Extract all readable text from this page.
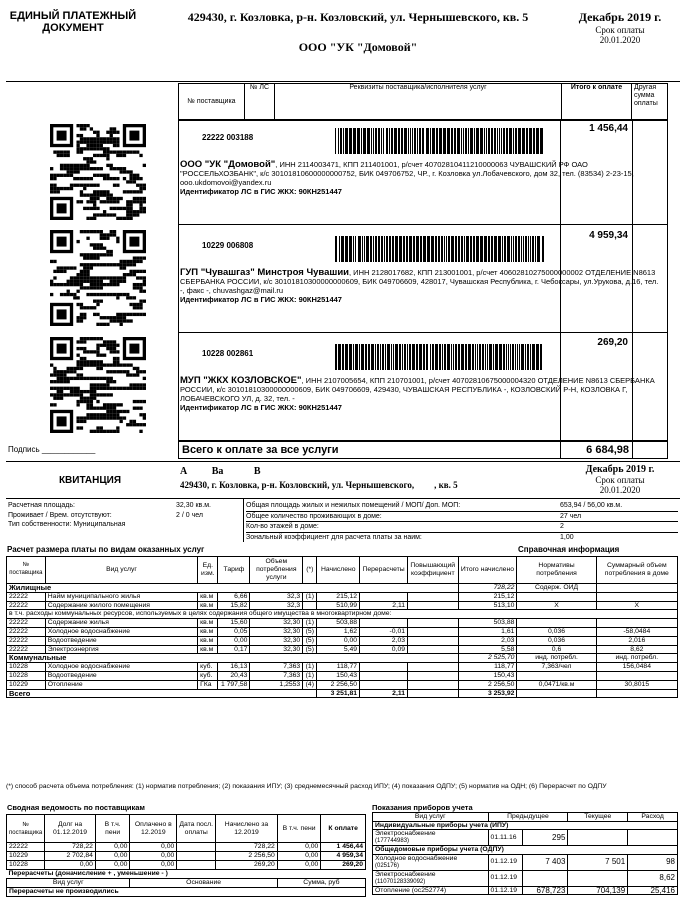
ЕДИНЫЙ ПЛАТЕЖНЫЙ ДОКУМЕНТ
429430, г. Козловка, р-н. Козловский, ул. Чернышевского, кв. 5
ООО "УК "Домовой"
Декабрь 2019 г.
Срок оплаты
20.01.2020
№ поставщика	№ ЛС	Реквизиты поставщика/исполнителя услуг	Итого к оплате	Другая сумма оплаты
22222 003188
1 456,44
ООО "УК "Домовой", ИНН 2114003471, КПП 211401001, р/счет 40702810411210000063 ЧУВАШСКИЙ РФ ОАО "РОССЕЛЬХОЗБАНК", к/с 30101810600000000752, БИК 049706752, ЧР., г. Козловка ул.Лобачевского, дом 32, тел. (83534) 2-23-15, ooo.ukdomovoi@yandex.ru
Идентификатор ЛС в ГИС ЖКХ: 90КН251447
10229 006808
4 959,34
ГУП "Чувашгаз" Минстроя Чувашии, ИНН 2128017682, КПП 213001001, р/счет 40602810275000000002 ОТДЕЛЕНИЕ N8613 СБЕРБАНКА РОССИИ, к/с 30101810300000000609, БИК 049706609, 428017, Чувашская Республика, г. Чебоксары, ул.Урукова, д.16, тел. -, факс -, chuvashgaz@mail.ru
Идентификатор ЛС в ГИС ЖКХ: 90КН251447
10228 002861
269,20
МУП "ЖКХ КОЗЛОВСКОЕ", ИНН 2107005654, КПП 210701001, р/счет 40702810675000004320 ОТДЕЛЕНИЕ N8613 СБЕРБАНКА РОССИИ, к/с 30101810300000000609, БИК 049706609, 429430, ЧУВАШСКАЯ РЕСПУБЛИКА -, КОЗЛОВСКИЙ Р-Н, КОЗЛОВКА Г, ЛОБАЧЕВСКОГО УЛ, д. 32, тел. -
Идентификатор ЛС в ГИС ЖКХ: 90КН251447
Подпись ____________	Всего к оплате за все услуги	6 684,98
КВИТАНЦИЯ
А Ва	В
429430, г. Козловка, р-н. Козловский, ул. Чернышевского, , кв. 5
Декабрь 2019 г.
Срок оплаты
20.01.2020
Расчетная площадь:	32,30 кв.м.
Проживает / Врем. отсутствуют:	2 / 0 чел
Тип собственности: Муниципальная
Общая площадь жилых и нежилых помещений / МОП/ Доп. МОП:	653,94 / 56,00 кв.м.
Общее количество проживающих в доме:	27 чел
Кол-во этажей в доме:	2
Зональный коэффициент для расчета платы за наим:	1,00
Расчет размера платы по видам оказанных услуг	Справочная информация
№ поставщика	Вид услуг	Ед. изм.	Тариф	Объем потребления услуги	(*)	Начислено	Перерасчеты	Повышающий коэффициент	Итого начислено	Нормативы потребления	Суммарный объем потребления в доме
Жилищные									728,22	Содерж. ОИД	
22222	Найм муниципального жилья	кв.м	6,66	32,3	(1)	215,12			215,12		
22222	Содержание жилого помещения	кв.м	15,82	32,3		510,99	2,11		513,10	X	X
в т.ч. расходы коммунальных ресурсов, используемых в целях содержания общего имущества в многоквартирном доме:											
22222	Содержание жилья	кв.м	15,60	32,30	(1)	503,88			503,88		
22222	Холодное водоснабжение	кв.м	0,05	32,30	(5)	1,62	-0,01		1,61	0,036	-58,0484
22222	Водоотведение	кв.м	0,00	32,30	(5)	0,00	2,03		2,03	0,036	2,016
22222	Электроэнергия	кв.м	0,17	32,30	(5)	5,49	0,09		5,58	0,6	8,62
Коммунальные									2 525,70	инд. потребл.	инд. потребл.
10228	Холодное водоснабжение	куб.	16,13	7,363	(1)	118,77			118,77	7,363/чел	156,0484
10228	Водоотведение	куб.	20,43	7,363	(1)	150,43			150,43		
10229	Отопление	ГКа	1 797,58	1,2553	(4)	2 256,50			2 256,50	0,0471/кв.м	30,8015
Всего						3 251,81	2,11		3 253,92		
(*) способ расчета объема потребления: (1) норматив потребления; (2) показания ИПУ; (3) среднемесячный расход ИПУ; (4) показания ОДПУ; (5) норматив на ОДН; (6) Перерасчет по ОДПУ
Сводная ведомость по поставщикам
№ поставщика	Долг на 01.12.2019	В т.ч. пени	Оплачено в 12.2019	Дата посл. оплаты	Начислено за 12.2019	В т.ч. пени	К оплате
22222	728,22	0,00	0,00		728,22	0,00	1 456,44
10229	2 702,84	0,00	0,00		2 256,50	0,00	4 959,34
10228	0,00	0,00	0,00		269,20	0,00	269,20
Перерасчеты (доначисление + , уменьшение - )							
Вид услуг			Основание			Сумма, руб	
Перерасчеты не производились							
Показания приборов учета
Вид услуг	Предыдущее		Текущее	Расход
Индивидуальные приборы учета (ИПУ)				
Электроснабжение
(177744983)	01.11.16	295		
Общедомовые приборы учета (ОДПУ)				
Холодное водоснабжение
(025176)	01.12.19	7 403	7 501	98
Электроснабжение
(11070128339092)	01.12.19			8,62
Отопление (ос252774)	01.12.19	678,723	704,139	25,416
